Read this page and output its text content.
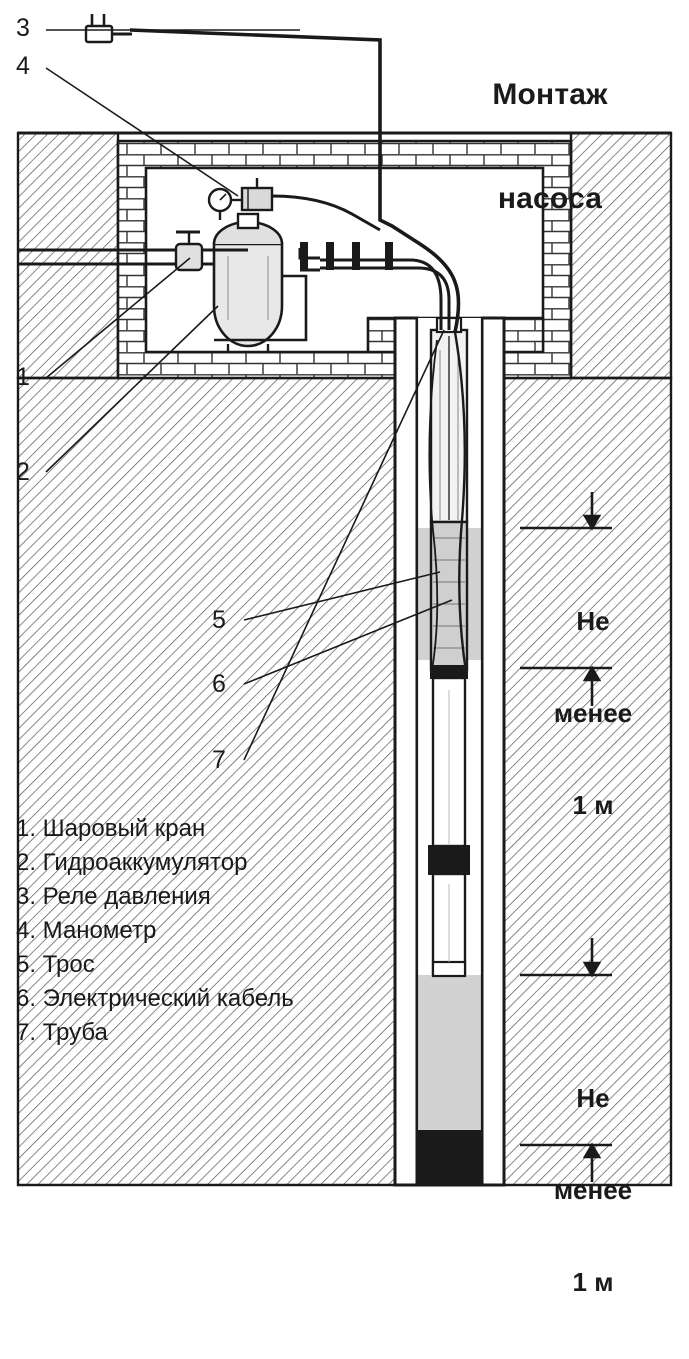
Монтаж

насоса

3
4
1
2
5
6
7

Не

менее

1 м

Не

менее

1 м

1. Шаровый кран
2. Гидроаккумулятор
3. Реле давления
4. Манометр
5. Трос
6. Электрический кабель
7. Труба
